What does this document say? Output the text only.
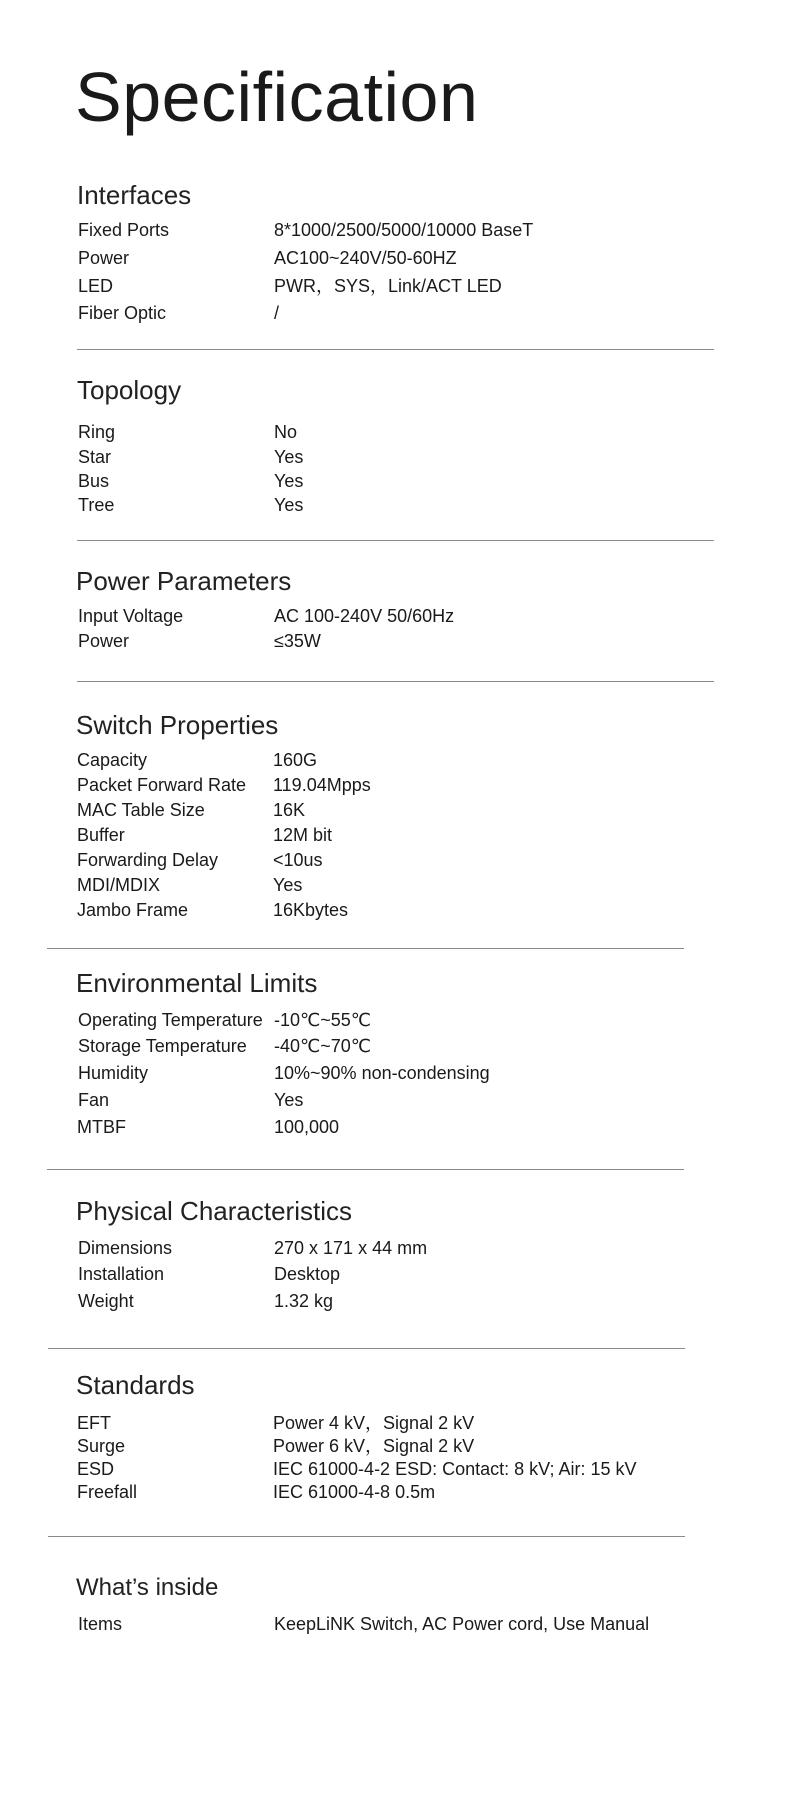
Specification
Interfaces
Fixed Ports	8*1000/2500/5000/10000 BaseT
Power	AC100~240V/50-60HZ
LED	PWR，SYS，Link/ACT LED
Fiber Optic	/
Topology
Ring	No
Star	Yes
Bus	Yes
Tree	Yes
Power Parameters
Input Voltage	AC 100-240V 50/60Hz
Power	≤35W
Switch Properties
Capacity	160G
Packet Forward Rate 119.04Mpps
MAC Table Size	16K
Buffer	12M bit
Forwarding Delay	<10us
MDI/MDIX	Yes
Jambo Frame	16Kbytes
Environmental Limits
Operating Temperature -10℃~55℃
Storage Temperature -40℃~70℃
Humidity	10%~90% non-condensing
Fan	Yes
MTBF	100,000
Physical Characteristics
Dimensions	270 x 171 x 44 mm
Installation	Desktop
Weight	1.32 kg
Standards
EFT	Power 4 kV，Signal 2 kV
Surge	Power 6 kV，Signal 2 kV
ESD	IEC 61000-4-2 ESD: Contact: 8 kV; Air: 15 kV
Freefall	IEC 61000-4-8 0.5m
What’s inside
Items	KeepLiNK Switch, AC Power cord, Use Manual
